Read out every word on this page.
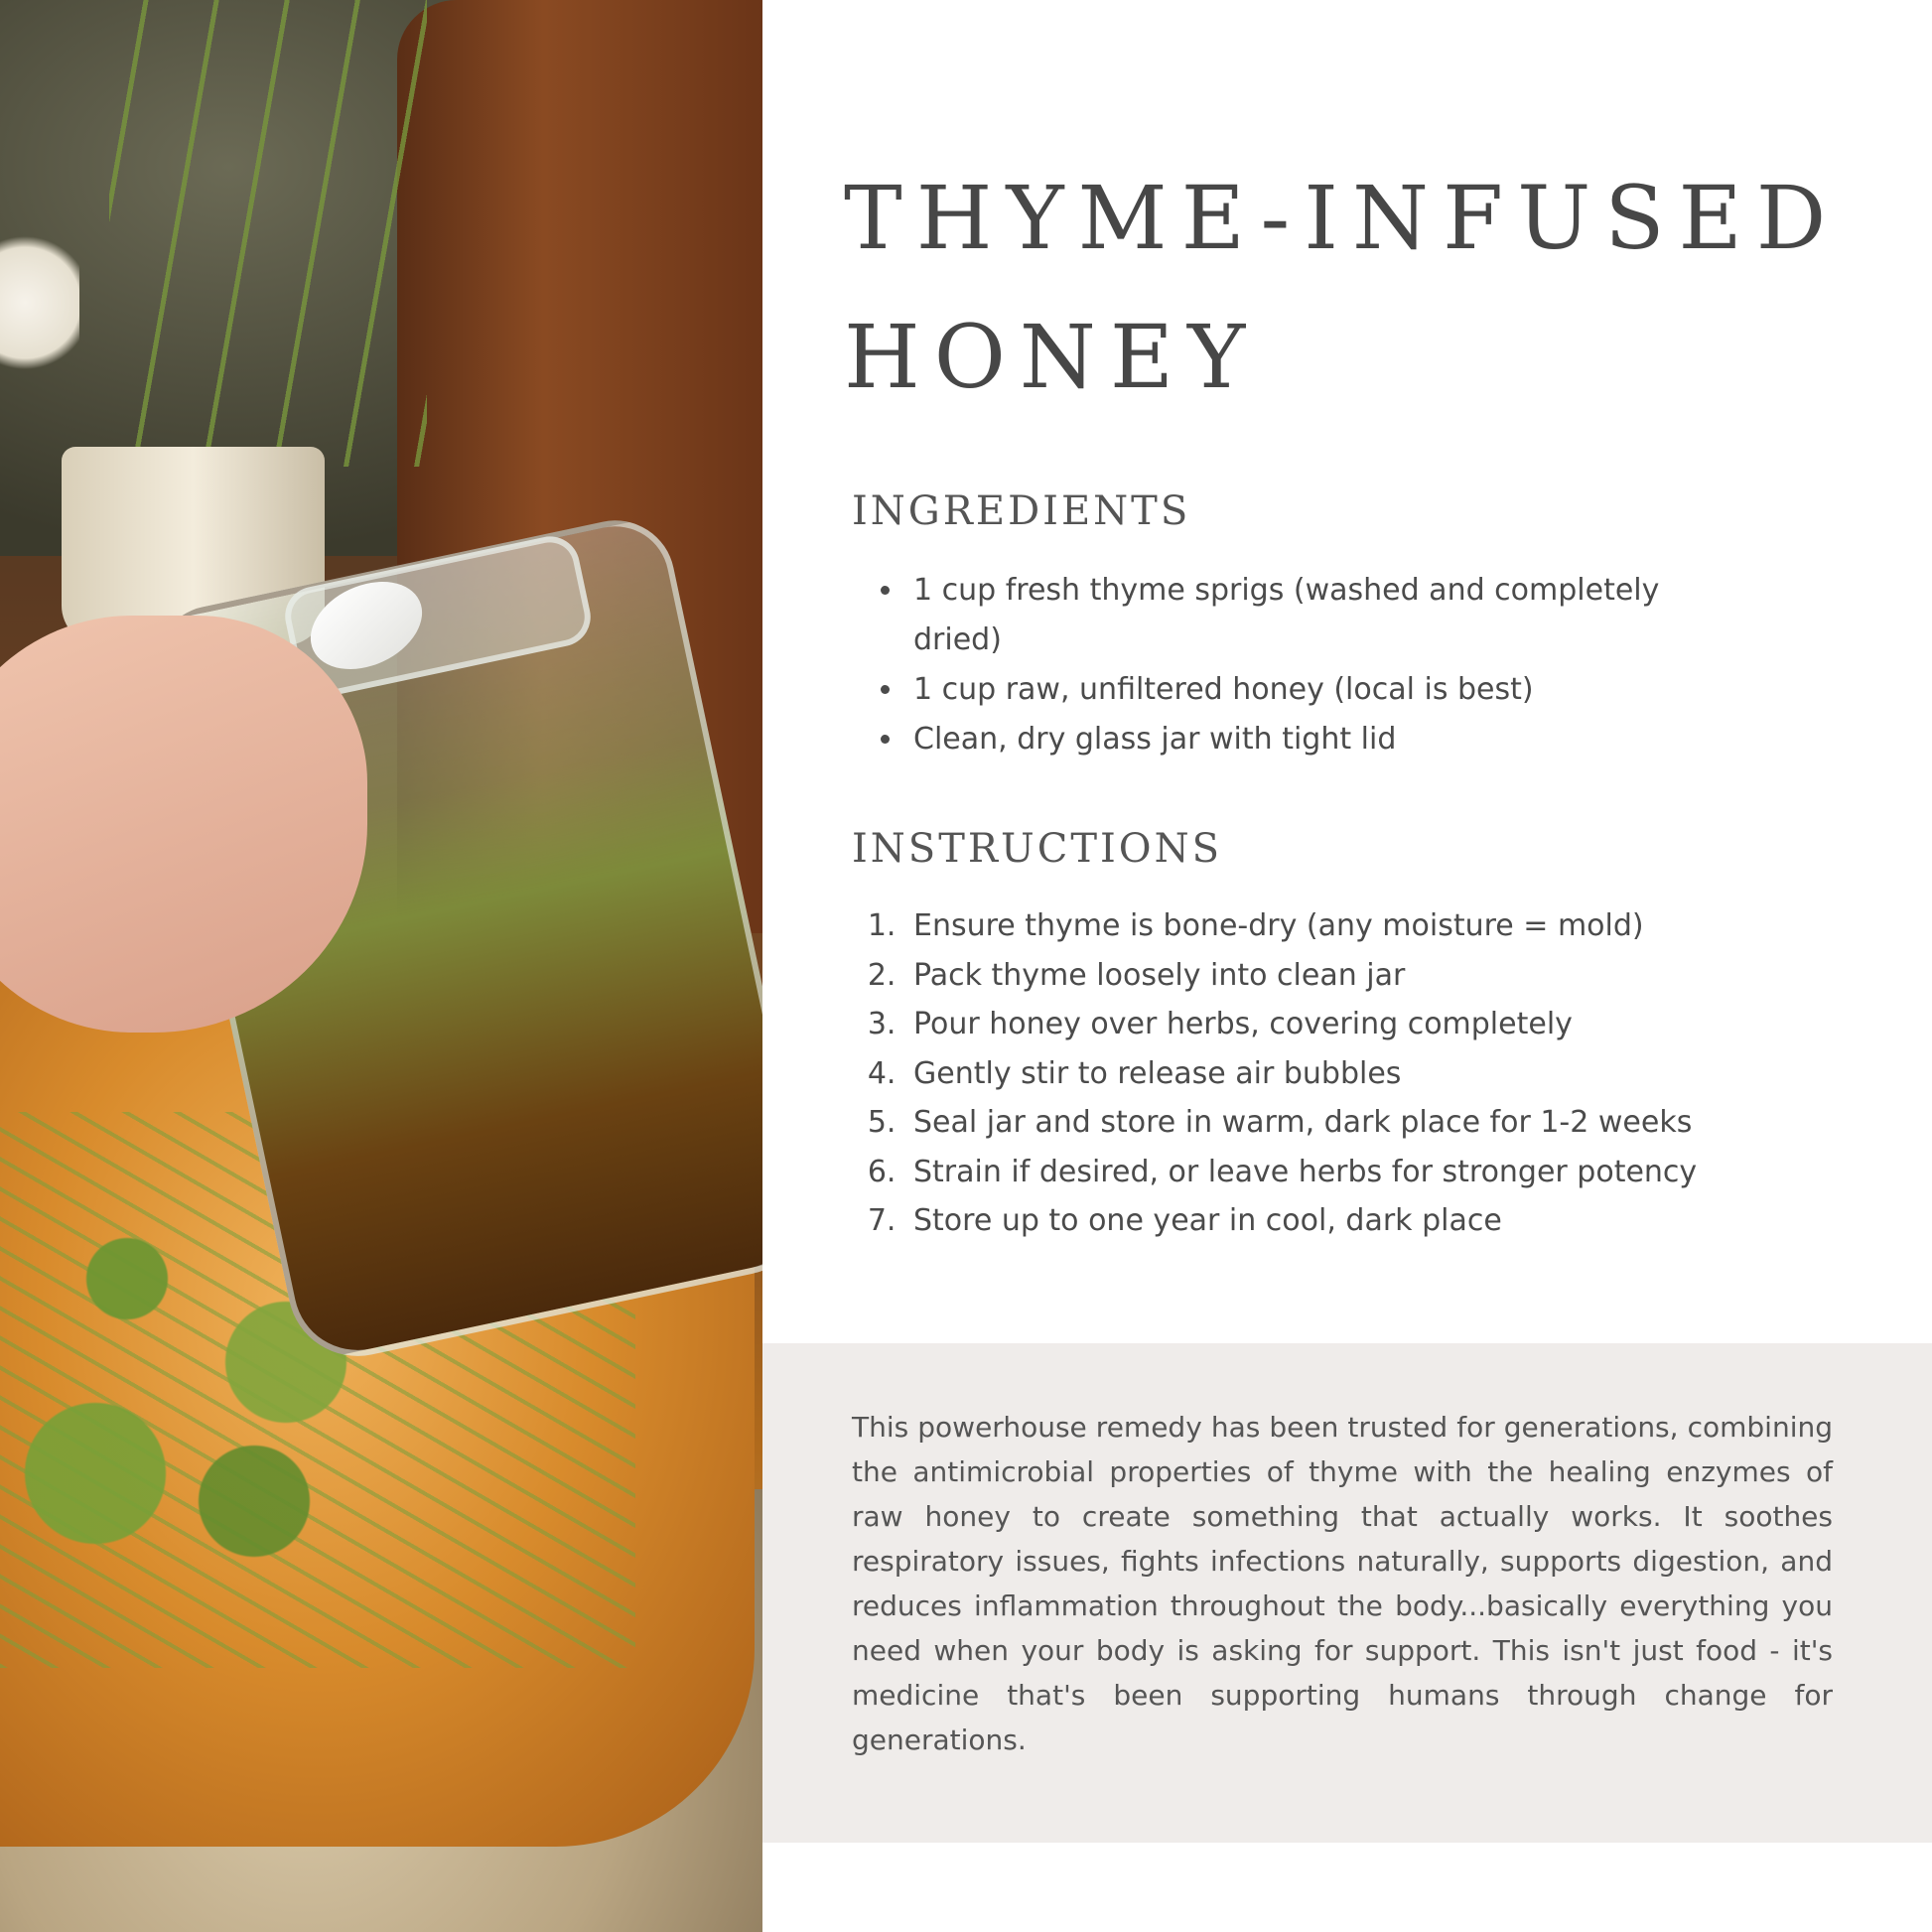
THYME-INFUSED HONEY
INGREDIENTS
• 1 cup fresh thyme sprigs (washed and completely dried)
• 1 cup raw, unfiltered honey (local is best)
• Clean, dry glass jar with tight lid
INSTRUCTIONS
1. Ensure thyme is bone-dry (any moisture = mold)
2. Pack thyme loosely into clean jar
3. Pour honey over herbs, covering completely
4. Gently stir to release air bubbles
5. Seal jar and store in warm, dark place for 1-2 weeks
6. Strain if desired, or leave herbs for stronger potency
7. Store up to one year in cool, dark place

This powerhouse remedy has been trusted for generations, combining the antimicrobial properties of thyme with the healing enzymes of raw honey to create something that actually works. It soothes respiratory issues, fights infections naturally, supports digestion, and reduces inflammation throughout the body...basically everything you need when your body is asking for support. This isn't just food - it's medicine that's been supporting humans through change for generations.
